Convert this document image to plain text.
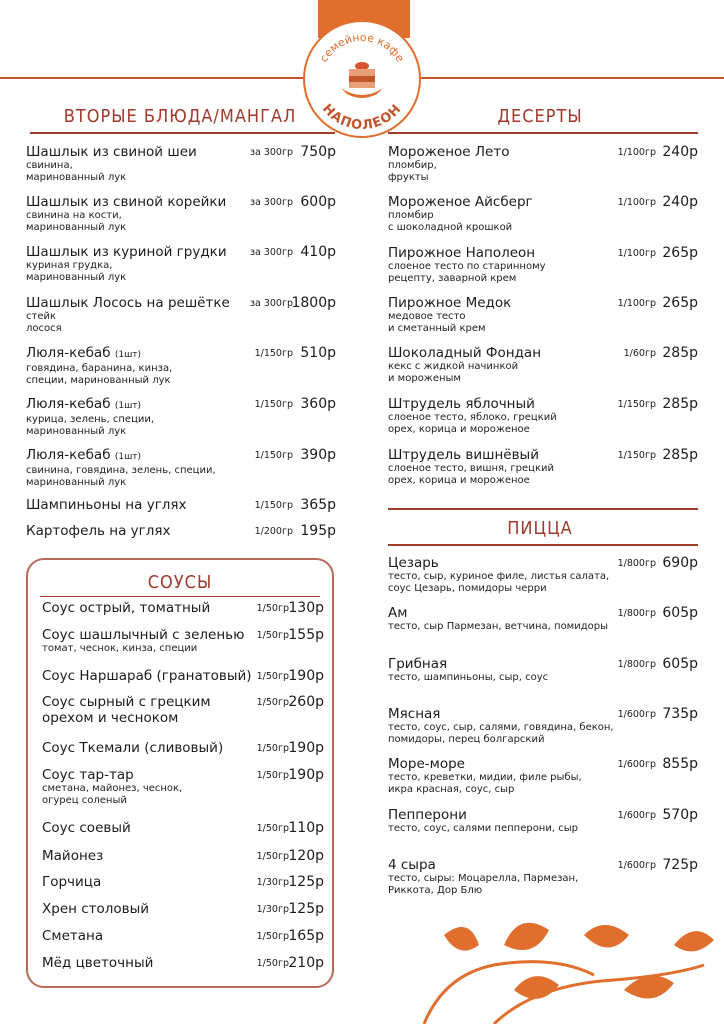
семейное кафе
НАПОЛЕОН
ВТОРЫЕ БЛЮДА/МАНГАЛ
Шашлык из свиной шеи
свинина,
маринованный лук
за 300гр 750р
Шашлык из свиной корейки
свинина на кости,
маринованный лук
за 300гр 600р
Шашлык из куриной грудки
куриная грудка,
маринованный лук
за 300гр 410р
Шашлык Лосось на решётке
стейк
лосося
за 300гр
1800р
Люля-кебаб (1шт)
говядина, баранина, кинза,
специи, маринованный лук
1/150гр 510р
Люля-кебаб (1шт)
курица, зелень, специи,
маринованный лук
1/150гр 360р
Люля-кебаб (1шт)
свинина, говядина, зелень, специи,
маринованный лук
1/150гр 390р
Шампиньоны на углях	1/150гр 365р
Картофель на углях	1/200гр 195р
СОУСЫ
Соус острый, томатный	1/50гр 130р
Соус шашлычный с зеленью
томат, чеснок, кинза, специи
1/50гр 155р
Соус Наршараб (гранатовый) 1/50гр 190р
Соус сырный с грецким
орехом и чесноком
1/50гр 260р
Соус Ткемали (сливовый)	1/50гр 190р
Соус тар-тар
сметана, майонез, чеснок,
огурец соленый
1/50гр 190р
Соус соевый	1/50гр 110р
Майонез	1/50гр 120р
Горчица	1/30гр 125р
Хрен столовый	1/30гр 125р
Сметана	1/50гр 165р
Мёд цветочный	1/50гр 210р
ДЕСЕРТЫ
Мороженое Лето
пломбир,
фрукты
1/100гр 240р
Мороженое Айсберг
пломбир
с шоколадной крошкой
1/100гр 240р
Пирожное Наполеон
слоеное тесто по старинному
рецепту, заварной крем
1/100гр 265р
Пирожное Медок
медовое тесто
и сметанный крем
1/100гр 265р
Шоколадный Фондан
кекс с жидкой начинкой
и мороженым
1/60гр 285р
Штрудель яблочный
слоеное тесто, яблоко, грецкий
орех, корица и мороженое
1/150гр 285р
Штрудель вишнёвый
слоеное тесто, вишня, грецкий
орех, корица и мороженое
1/150гр 285р
ПИЦЦА
Цезарь
тесто, сыр, куриное филе, листья салата,
соус Цезарь, помидоры черри
1/800гр 690р
Ам
тесто, сыр Пармезан, ветчина, помидоры
1/800гр 605р
Грибная
тесто, шампиньоны, сыр, соус
1/800гр 605р
Мясная
тесто, соус, сыр, салями, говядина, бекон,
помидоры, перец болгарский
1/600гр 735р
Море-море
тесто, креветки, мидии, филе рыбы,
икра красная, соус, сыр
1/600гр 855р
Пепперони
тесто, соус, салями пепперони, сыр
1/600гр 570р
4 сыра
тесто, сыры: Моцарелла, Пармезан,
Риккота, Дор Блю
1/600гр 725р
